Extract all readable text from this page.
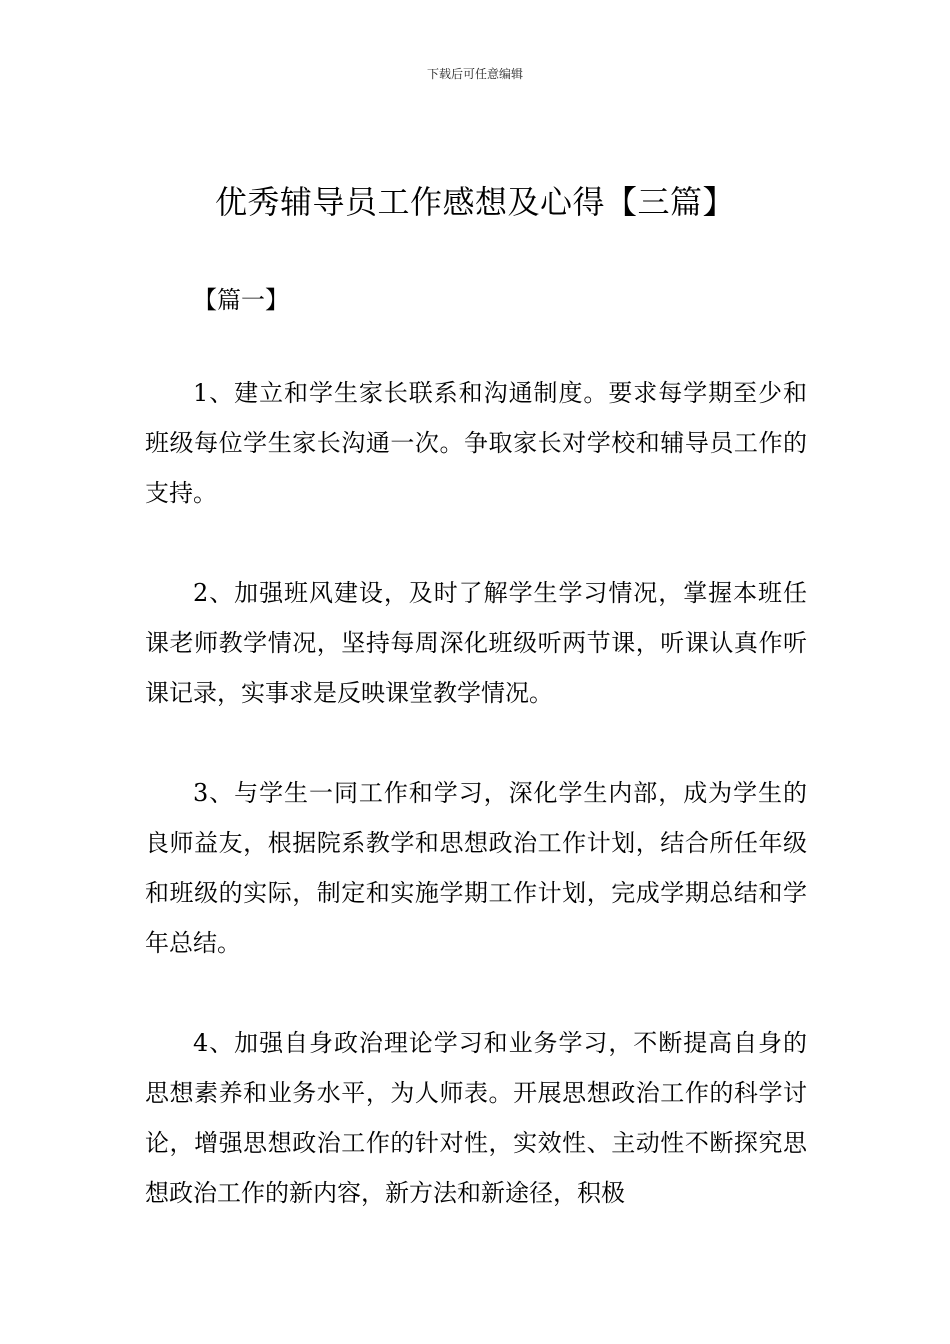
下载后可任意编辑
优秀辅导员工作感想及心得【三篇】
【篇一】

1、建立和学生家长联系和沟通制度。要求每学期至少和班级每位学生家长沟通一次。争取家长对学校和辅导员工作的支持。

2、加强班风建设，及时了解学生学习情况，掌握本班任课老师教学情况，坚持每周深化班级听两节课，听课认真作听课记录，实事求是反映课堂教学情况。

3、与学生一同工作和学习，深化学生内部，成为学生的良师益友，根据院系教学和思想政治工作计划，结合所任年级和班级的实际，制定和实施学期工作计划，完成学期总结和学年总结。

4、加强自身政治理论学习和业务学习，不断提高自身的思想素养和业务水平，为人师表。开展思想政治工作的科学讨论，增强思想政治工作的针对性，实效性、主动性不断探究思想政治工作的新内容，新方法和新途径，积极
